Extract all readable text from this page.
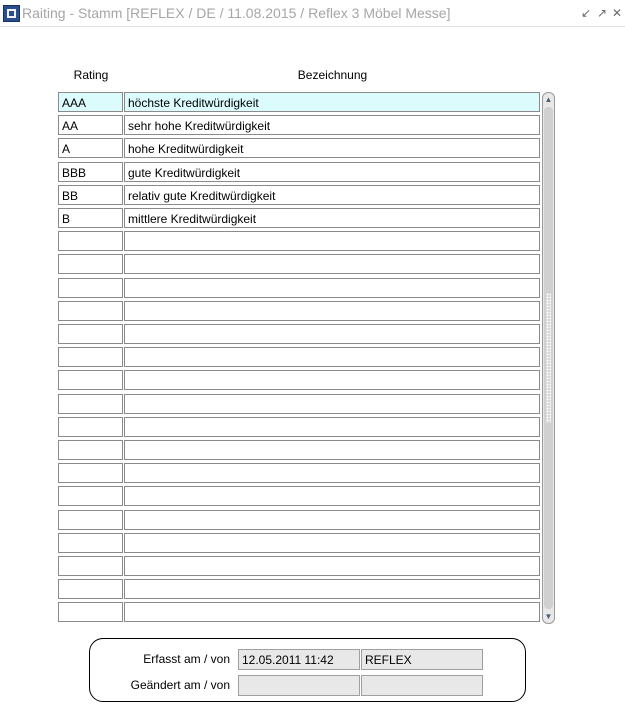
Raiting - Stamm [REFLEX / DE / 11.08.2015 / Reflex 3 Möbel Messe]	↙ ↗ ✕
Rating	Bezeichnung
AAA	höchste Kreditwürdigkeit
AA	sehr hohe Kreditwürdigkeit
A	hohe Kreditwürdigkeit
BBB	gute Kreditwürdigkeit
BB	relativ gute Kreditwürdigkeit
B	mittlere Kreditwürdigkeit
▲
▼
Erfasst am / von	12.05.2011 11:42	REFLEX
Geändert am / von
